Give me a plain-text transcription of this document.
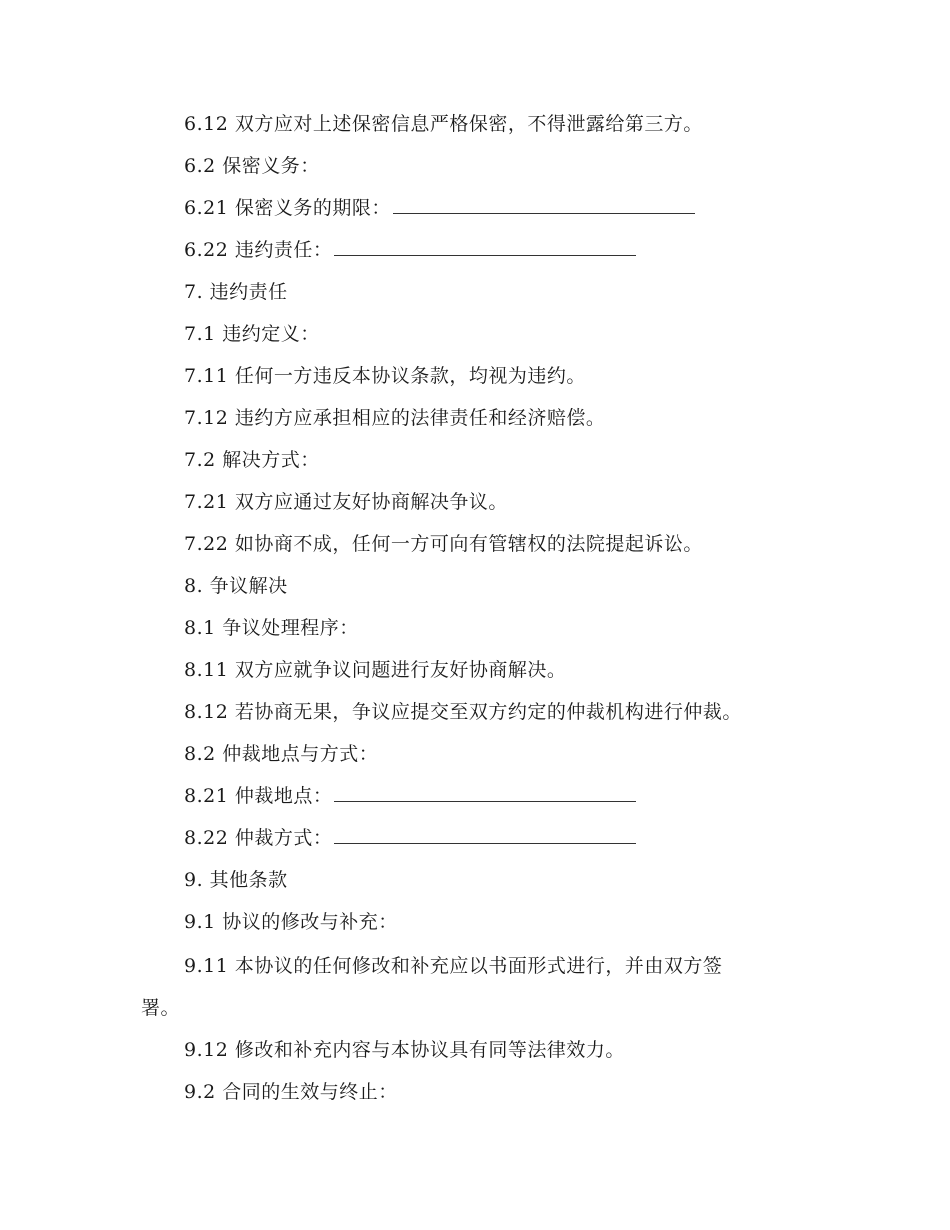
6.12 双方应对上述保密信息严格保密，不得泄露给第三方。
6.2 保密义务：
6.21 保密义务的期限：
6.22 违约责任：
7. 违约责任
7.1 违约定义：
7.11 任何一方违反本协议条款，均视为违约。
7.12 违约方应承担相应的法律责任和经济赔偿。
7.2 解决方式：
7.21 双方应通过友好协商解决争议。
7.22 如协商不成，任何一方可向有管辖权的法院提起诉讼。
8. 争议解决
8.1 争议处理程序：
8.11 双方应就争议问题进行友好协商解决。
8.12 若协商无果，争议应提交至双方约定的仲裁机构进行仲裁。
8.2 仲裁地点与方式：
8.21 仲裁地点：
8.22 仲裁方式：
9. 其他条款
9.1 协议的修改与补充：
9.11 本协议的任何修改和补充应以书面形式进行，并由双方签
署。
9.12 修改和补充内容与本协议具有同等法律效力。
9.2 合同的生效与终止：
